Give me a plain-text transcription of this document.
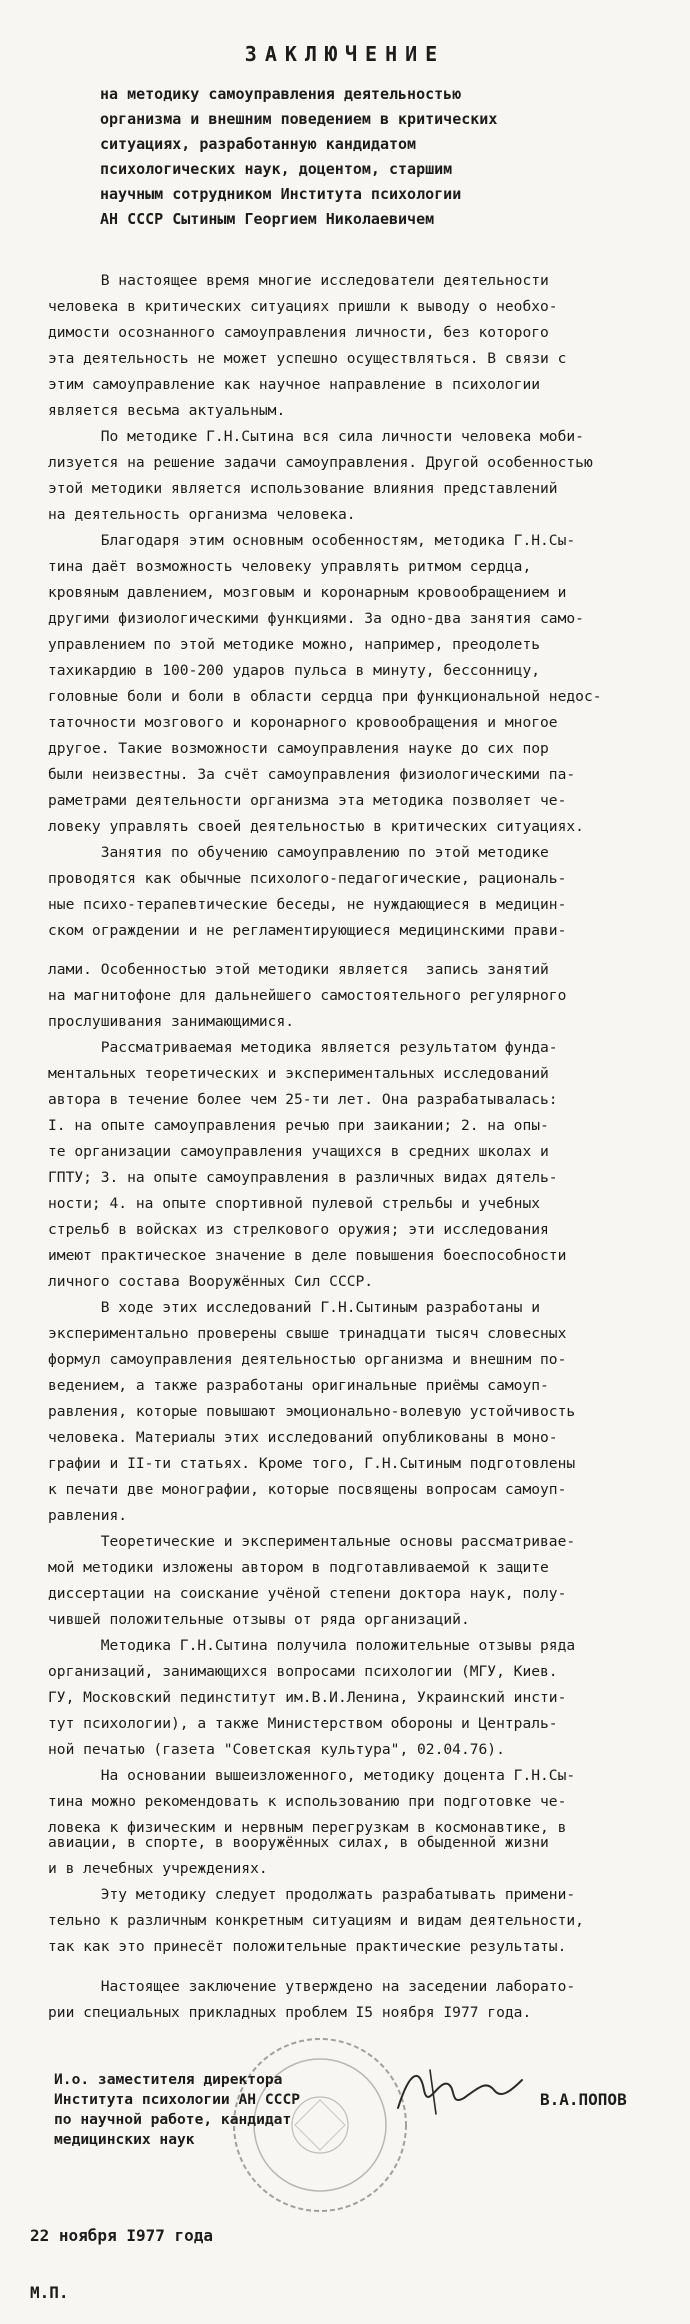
ЗАКЛЮЧЕНИЕ
на методику самоуправления деятельностью
организма и внешним поведением в критических
ситуациях, разработанную кандидатом
психологических наук, доцентом, старшим
научным сотрудником Института психологии
АН СССР Сытиным Георгием Николаевичем

В настоящее время многие исследователи деятельности

человека в критических ситуациях пришли к выводу о необхо-

димости осознанного самоуправления личности, без которого

эта деятельность не может успешно осуществляться. В связи с

этим самоуправление как научное направление в психологии

является весьма актуальным.

По методике Г.Н.Сытина вся сила личности человека моби-

лизуется на решение задачи самоуправления. Другой особенностью

этой методики является использование влияния представлений

на деятельность организма человека.

Благодаря этим основным особенностям, методика Г.Н.Сы-

тина даёт возможность человеку управлять ритмом сердца,

кровяным давлением, мозговым и коронарным кровообращением и

другими физиологическими функциями. За одно-два занятия само-

управлением по этой методике можно, например, преодолеть

тахикардию в 100-200 ударов пульса в минуту, бессонницу,

головные боли и боли в области сердца при функциональной недос-

таточности мозгового и коронарного кровообращения и многое

другое. Такие возможности самоуправления науке до сих пор

были неизвестны. За счёт самоуправления физиологическими па-

раметрами деятельности организма эта методика позволяет че-

ловеку управлять своей деятельностью в критических ситуациях.

Занятия по обучению самоуправлению по этой методике

проводятся как обычные психолого-педагогические, рациональ-

ные психо-терапевтические беседы, не нуждающиеся в медицин-

ском ограждении и не регламентирующиеся медицинскими прави-

лами. Особенностью этой методики является  запись занятий

на магнитофоне для дальнейшего самостоятельного регулярного

прослушивания занимающимися.

Рассматриваемая методика является результатом фунда-

ментальных теоретических и экспериментальных исследований

автора в течение более чем 25-ти лет. Она разрабатывалась:

I. на опыте самоуправления речью при заикании; 2. на опы-

те организации самоуправления учащихся в средних школах и

ГПТУ; 3. на опыте самоуправления в различных видах дятель-

ности; 4. на опыте спортивной пулевой стрельбы и учебных

стрельб в войсках из стрелкового оружия; эти исследования

имеют практическое значение в деле повышения боеспособности

личного состава Вооружённых Сил СССР.

В ходе этих исследований Г.Н.Сытиным разработаны и

экспериментально проверены свыше тринадцати тысяч словесных

формул самоуправления деятельностью организма и внешним по-

ведением, а также разработаны оригинальные приёмы самоуп-

равления, которые повышают эмоционально-волевую устойчивость

человека. Материалы этих исследований опубликованы в моно-

графии и II-ти статьях. Кроме того, Г.Н.Сытиным подготовлены

к печати две монографии, которые посвящены вопросам самоуп-

равления.

Теоретические и экспериментальные основы рассматривае-

мой методики изложены автором в подготавливаемой к защите

диссертации на соискание учёной степени доктора наук, полу-

чившей положительные отзывы от ряда организаций.

Методика Г.Н.Сытина получила положительные отзывы ряда

организаций, занимающихся вопросами психологии (МГУ, Киев.

ГУ, Московский пединститут им.В.И.Ленина, Украинский инсти-

тут психологии), а также Министерством обороны и Централь-

ной печатью (газета "Советская культура", 02.04.76).

На основании вышеизложенного, методику доцента Г.Н.Сы-

тина можно рекомендовать к использованию при подготовке че-

ловека к физическим и нервным перегрузкам в космонавтике, в

авиации, в спорте, в вооружённых силах, в обыденной жизни

и в лечебных учреждениях.

Эту методику следует продолжать разрабатывать примени-

тельно к различным конкретным ситуациям и видам деятельности,

так как это принесёт положительные практические результаты.

Настоящее заключение утверждено на заседении лаборато-

рии специальных прикладных проблем I5 ноября I977 года.

И.о. заместителя директора
Института психологии АН СССР
по научной работе, кандидат
медицинских наук
В.А.ПОПОВ
22 ноября I977 года
М.П.
